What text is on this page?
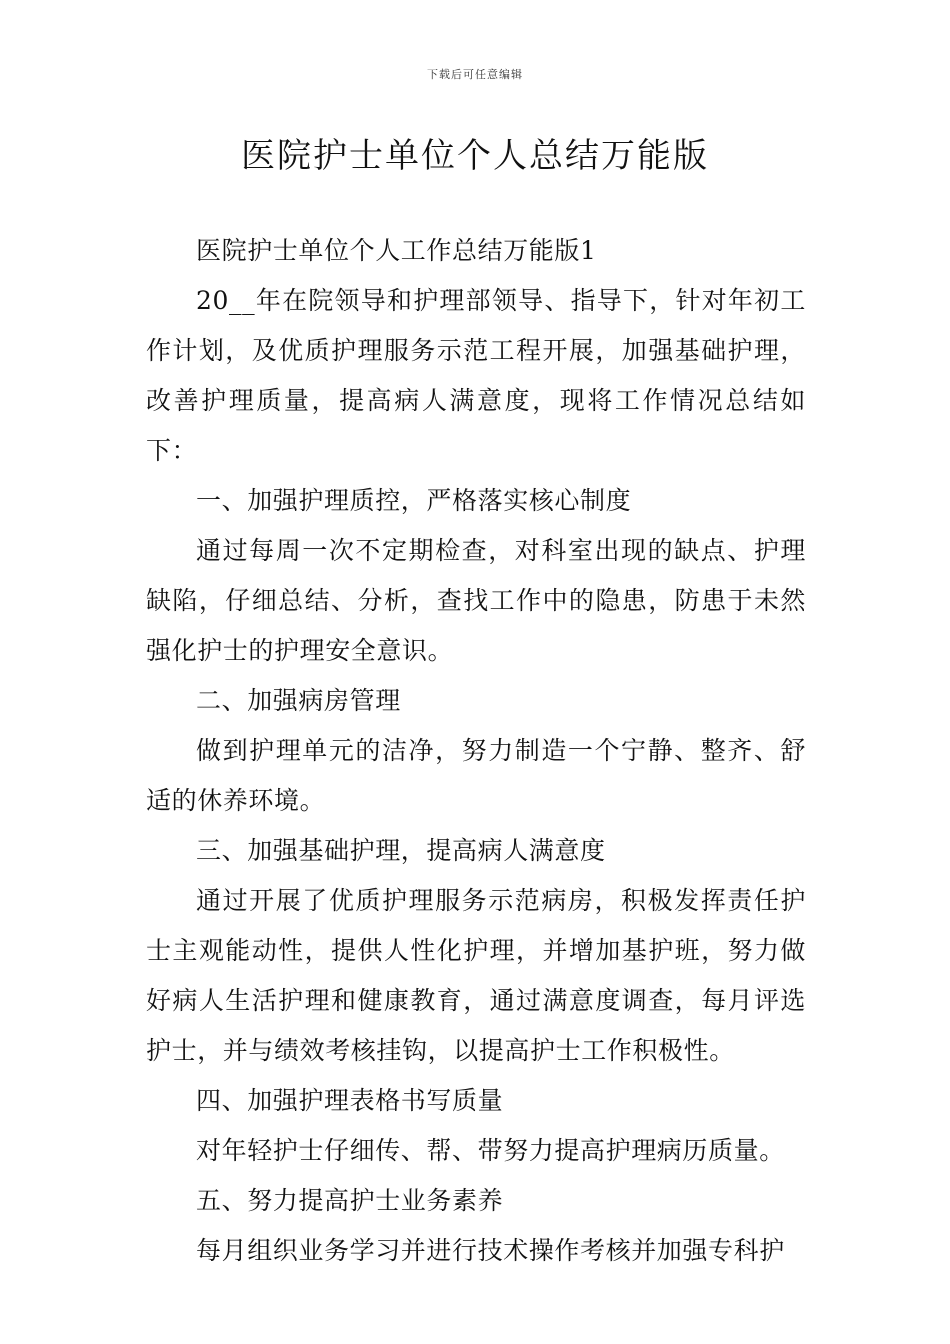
下载后可任意编辑
医院护士单位个人总结万能版

医院护士单位个人工作总结万能版1

20__年在院领导和护理部领导、指导下，针对年初工作计划，及优质护理服务示范工程开展，加强基础护理，改善护理质量，提高病人满意度，现将工作情况总结如下：

一、加强护理质控，严格落实核心制度

通过每周一次不定期检查，对科室出现的缺点、护理缺陷，仔细总结、分析，查找工作中的隐患，防患于未然强化护士的护理安全意识。

二、加强病房管理

做到护理单元的洁净，努力制造一个宁静、整齐、舒适的休养环境。

三、加强基础护理，提高病人满意度

通过开展了优质护理服务示范病房，积极发挥责任护士主观能动性，提供人性化护理，并增加基护班，努力做好病人生活护理和健康教育，通过满意度调查，每月评选护士，并与绩效考核挂钩，以提高护士工作积极性。

四、加强护理表格书写质量

对年轻护士仔细传、帮、带努力提高护理病历质量。

五、努力提高护士业务素养

每月组织业务学习并进行技术操作考核并加强专科护
